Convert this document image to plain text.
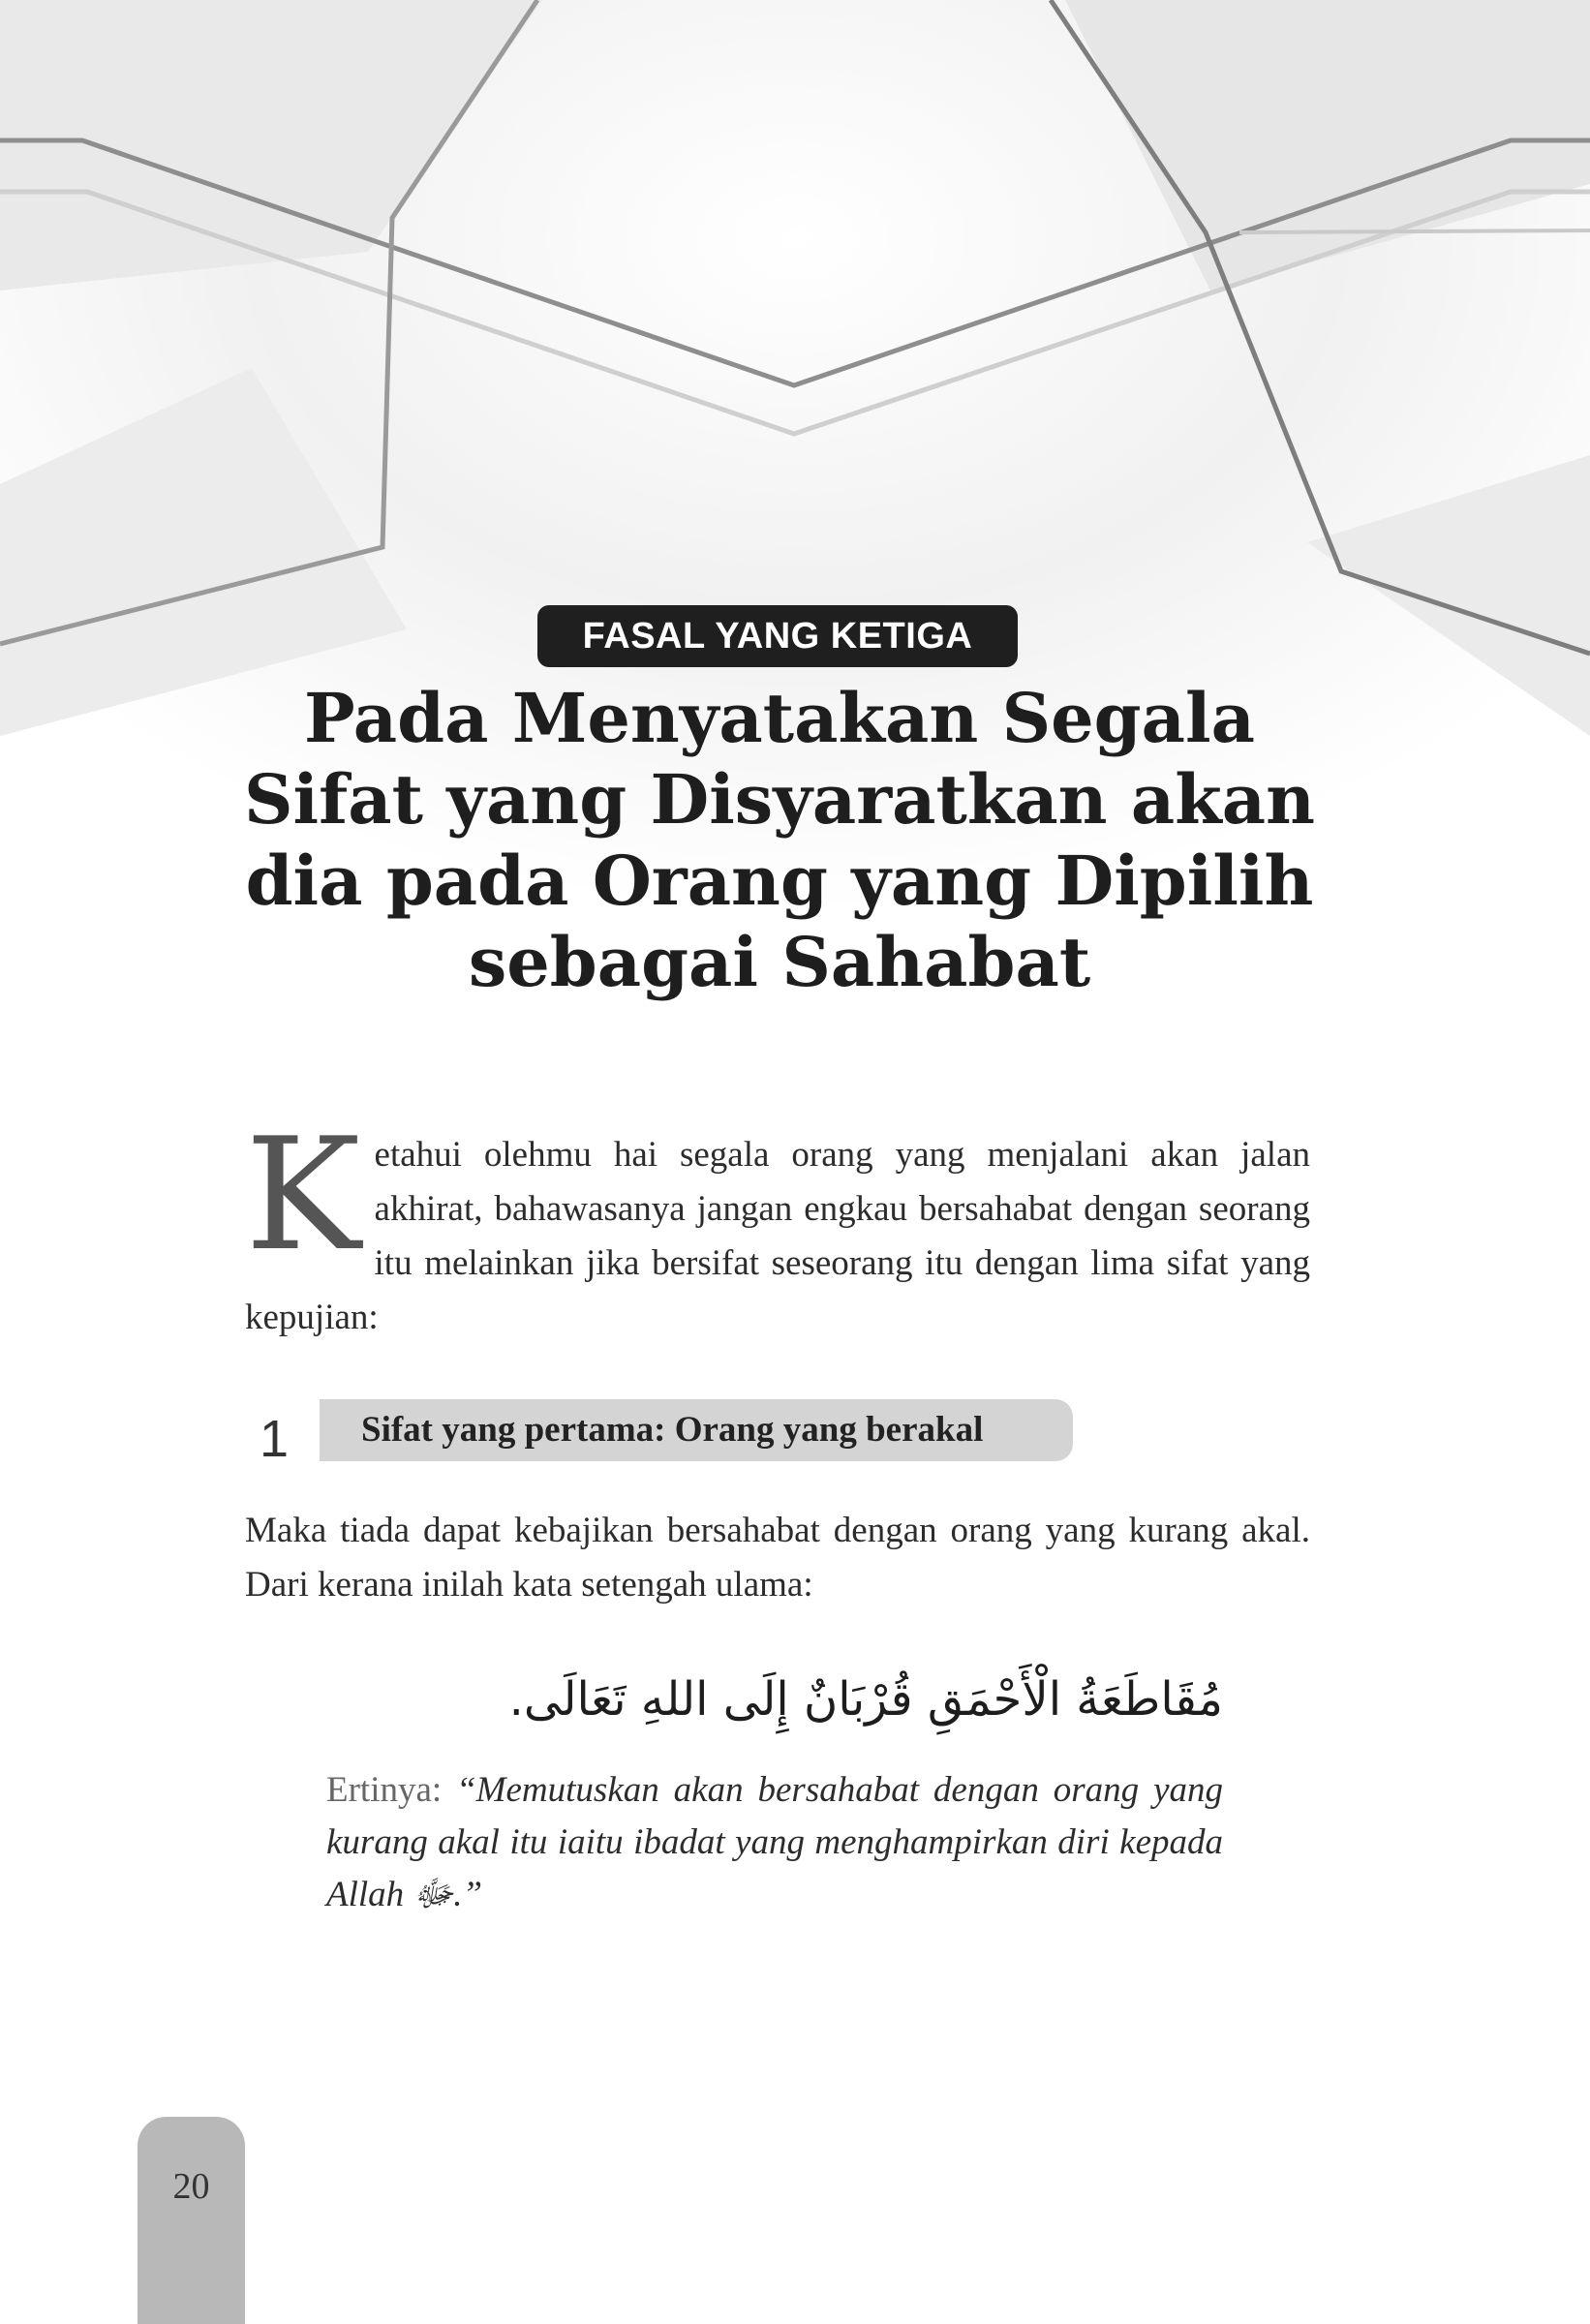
FASAL YANG KETIGA
Pada Menyatakan Segala
Sifat yang Disyaratkan akan
dia pada Orang yang Dipilih
sebagai Sahabat

Ketahui olehmu hai segala orang yang menjalani akan jalan akhirat, bahawasanya jangan engkau bersahabat dengan seorang itu melainkan jika bersifat seseorang itu dengan lima sifat yang kepujian:

1	Sifat yang pertama: Orang yang berakal

Maka tiada dapat kebajikan bersahabat dengan orang yang kurang akal. Dari kerana inilah kata setengah ulama:

مُقَاطَعَةُ الْأَحْمَقِ قُرْبَانٌ إِلَى اللهِ تَعَالَى.

Ertinya: “Memutuskan akan bersahabat dengan orang yang kurang akal itu iaitu ibadat yang menghampirkan diri kepada Allah ﷻ.”

20
